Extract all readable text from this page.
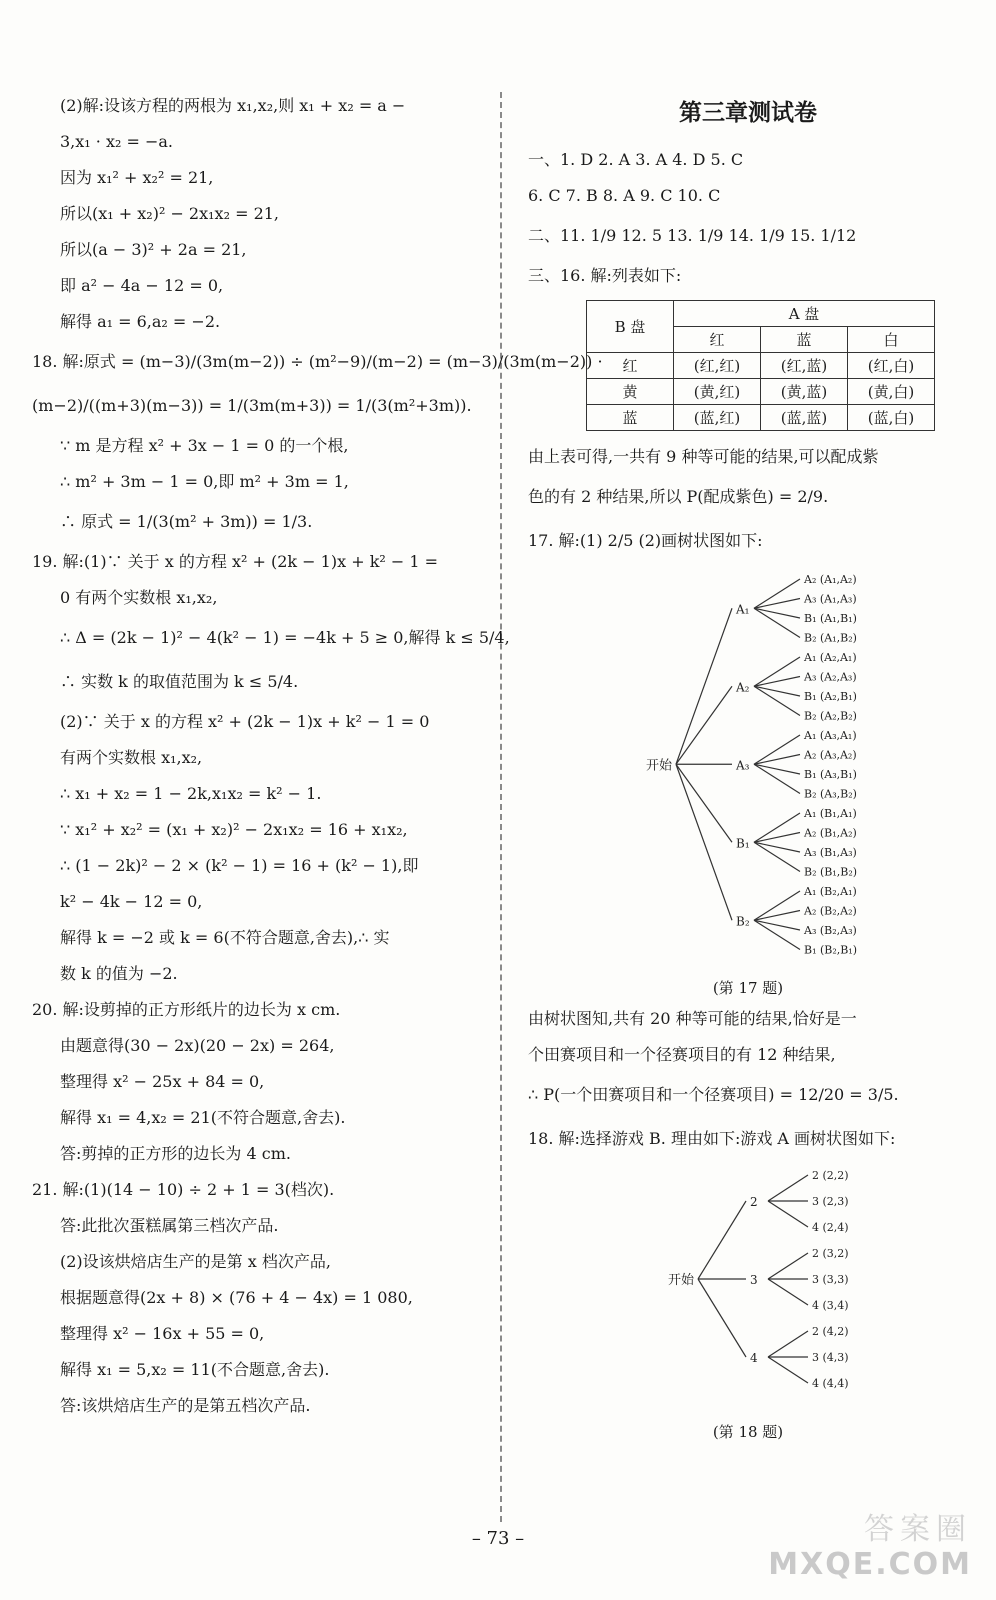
(2)解:设该方程的两根为 x₁,x₂,则 x₁ + x₂ = a −
3,x₁ · x₂ = −a.
因为 x₁² + x₂² = 21,
所以(x₁ + x₂)² − 2x₁x₂ = 21,
所以(a − 3)² + 2a = 21,
即 a² − 4a − 12 = 0,
解得 a₁ = 6,a₂ = −2.
18. 解:原式 = (m−3)/(3m(m−2)) ÷ (m²−9)/(m−2) = (m−3)/(3m(m−2)) ·
(m−2)/((m+3)(m−3)) = 1/(3m(m+3)) = 1/(3(m²+3m)).
∵ m 是方程 x² + 3x − 1 = 0 的一个根,
∴ m² + 3m − 1 = 0,即 m² + 3m = 1,
∴ 原式 = 1/(3(m² + 3m)) = 1/3.
19. 解:(1)∵ 关于 x 的方程 x² + (2k − 1)x + k² − 1 =
0 有两个实数根 x₁,x₂,
∴ Δ = (2k − 1)² − 4(k² − 1) = −4k + 5 ≥ 0,解得 k ≤ 5/4,
∴ 实数 k 的取值范围为 k ≤ 5/4.
(2)∵ 关于 x 的方程 x² + (2k − 1)x + k² − 1 = 0
有两个实数根 x₁,x₂,
∴ x₁ + x₂ = 1 − 2k,x₁x₂ = k² − 1.
∵ x₁² + x₂² = (x₁ + x₂)² − 2x₁x₂ = 16 + x₁x₂,
∴ (1 − 2k)² − 2 × (k² − 1) = 16 + (k² − 1),即
k² − 4k − 12 = 0,
解得 k = −2 或 k = 6(不符合题意,舍去),∴ 实
数 k 的值为 −2.
20. 解:设剪掉的正方形纸片的边长为 x cm.
由题意得(30 − 2x)(20 − 2x) = 264,
整理得 x² − 25x + 84 = 0,
解得 x₁ = 4,x₂ = 21(不符合题意,舍去).
答:剪掉的正方形的边长为 4 cm.
21. 解:(1)(14 − 10) ÷ 2 + 1 = 3(档次).
答:此批次蛋糕属第三档次产品.
(2)设该烘焙店生产的是第 x 档次产品,
根据题意得(2x + 8) × (76 + 4 − 4x) = 1 080,
整理得 x² − 16x + 55 = 0,
解得 x₁ = 5,x₂ = 11(不合题意,舍去).
答:该烘焙店生产的是第五档次产品.
第三章测试卷
一、1. D 2. A 3. A 4. D 5. C
6. C 7. B 8. A 9. C 10. C
二、11. 1/9 12. 5 13. 1/9 14. 1/9 15. 1/12
三、16. 解:列表如下:
B 盘	A 盘		
	红	蓝	白
红	(红,红)	(红,蓝)	(红,白)
黄	(黄,红)	(黄,蓝)	(黄,白)
蓝	(蓝,红)	(蓝,蓝)	(蓝,白)
由上表可得,一共有 9 种等可能的结果,可以配成紫
色的有 2 种结果,所以 P(配成紫色) = 2/9.
17. 解:(1) 2/5 (2)画树状图如下:
开始
A₁
A₂ (A₁,A₂)
A₃ (A₁,A₃)
B₁ (A₁,B₁)
B₂ (A₁,B₂)
A₂
A₁ (A₂,A₁)
A₃ (A₂,A₃)
B₁ (A₂,B₁)
B₂ (A₂,B₂)
A₃
A₁ (A₃,A₁)
A₂ (A₃,A₂)
B₁ (A₃,B₁)
B₂ (A₃,B₂)
B₁
A₁ (B₁,A₁)
A₂ (B₁,A₂)
A₃ (B₁,A₃)
B₂ (B₁,B₂)
B₂
A₁ (B₂,A₁)
A₂ (B₂,A₂)
A₃ (B₂,A₃)
B₁ (B₂,B₁)
(第 17 题)
由树状图知,共有 20 种等可能的结果,恰好是一
个田赛项目和一个径赛项目的有 12 种结果,
∴ P(一个田赛项目和一个径赛项目) = 12/20 = 3/5.
18. 解:选择游戏 B. 理由如下:游戏 A 画树状图如下:
开始
2
2 (2,2)
3 (2,3)
4 (2,4)
3
2 (3,2)
3 (3,3)
4 (3,4)
4
2 (4,2)
3 (4,3)
4 (4,4)
(第 18 题)
– 73 –	答案圈
MXQE.COM
